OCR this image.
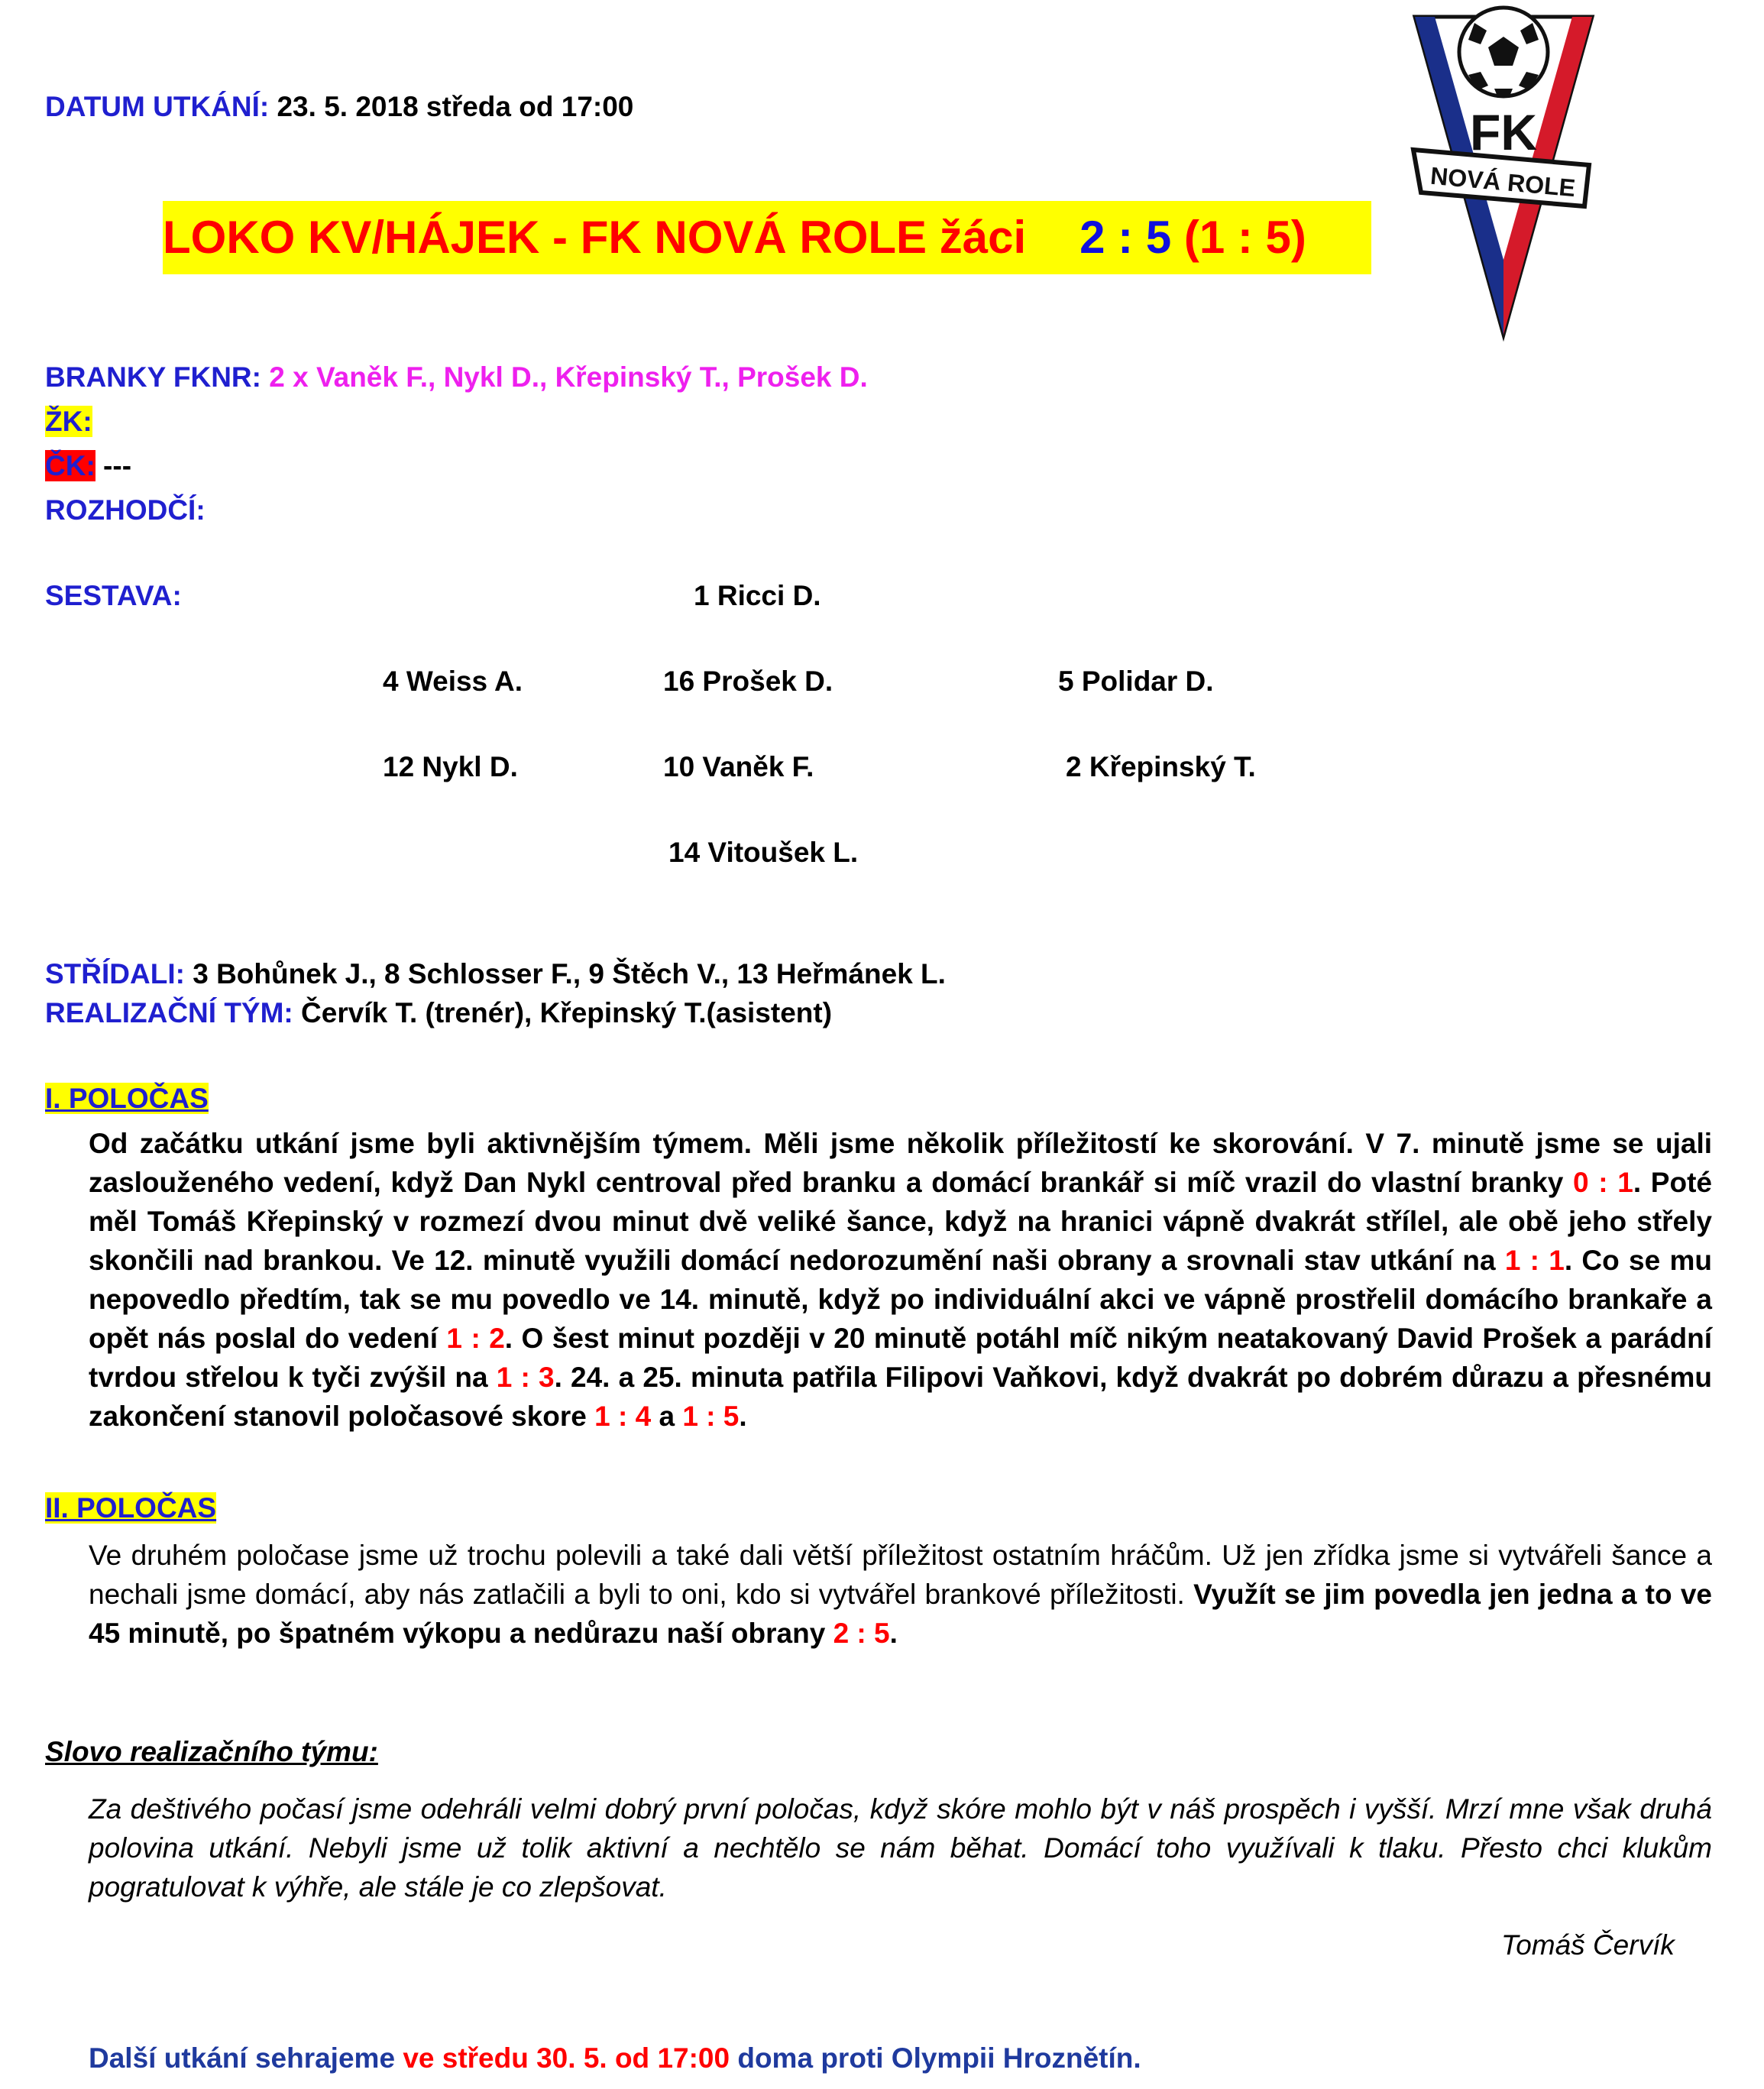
FK
NOVÁ ROLE
DATUM UTKÁNÍ: 23. 5. 2018 středa od 17:00
LOKO KV/HÁJEK - FK NOVÁ ROLE žáci 2 : 5 (1 : 5)
BRANKY FKNR: 2 x Vaněk F., Nykl D., Křepinský T., Prošek D.
ŽK:
ČK: ---
ROZHODČÍ:
SESTAVA:	1 Ricci D.
4 Weiss A.	16 Prošek D.	5 Polidar D.
12 Nykl D.	10 Vaněk F.	2 Křepinský T.
14 Vitoušek L.
STŘÍDALI: 3 Bohůnek J., 8 Schlosser F., 9 Štěch V., 13 Heřmánek L.
REALIZAČNÍ TÝM: Červík T. (trenér), Křepinský T.(asistent)
I. POLOČAS
Od začátku utkání jsme byli aktivnějším týmem. Měli jsme několik příležitostí ke skorování. V 7. minutě jsme se ujali zaslouženého vedení, když Dan Nykl centroval před branku a domácí brankář si míč vrazil do vlastní branky 0 : 1. Poté měl Tomáš Křepinský v rozmezí dvou minut dvě veliké šance, když na hranici vápně dvakrát střílel, ale obě jeho střely skončili nad brankou. Ve 12. minutě využili domácí nedorozumění naši obrany a srovnali stav utkání na 1 : 1. Co se mu nepovedlo předtím, tak se mu povedlo ve 14. minutě, když po individuální akci ve vápně prostřelil domácího brankaře a opět nás poslal do vedení 1 : 2. O šest minut později v 20 minutě potáhl míč nikým neatakovaný David Prošek a parádní tvrdou střelou k tyči zvýšil na 1 : 3. 24. a 25. minuta patřila Filipovi Vaňkovi, když dvakrát po dobrém důrazu a přesnému zakončení stanovil poločasové skore 1 : 4 a 1 : 5.
II. POLOČAS
Ve druhém poločase jsme už trochu polevili a také dali větší příležitost ostatním hráčům. Už jen zřídka jsme si vytvářeli šance a nechali jsme domácí, aby nás zatlačili a byli to oni, kdo si vytvářel brankové příležitosti. Využít se jim povedla jen jedna a to ve 45 minutě, po špatném výkopu a nedůrazu naší obrany 2 : 5.
Slovo realizačního týmu:
Za deštivého počasí jsme odehráli velmi dobrý první poločas, když skóre mohlo být v náš prospěch i vyšší. Mrzí mne však druhá polovina utkání. Nebyli jsme už tolik aktivní a nechtělo se nám běhat. Domácí toho využívali k tlaku. Přesto chci klukům pogratulovat k výhře, ale stále je co zlepšovat.
Tomáš Červík
Další utkání sehrajeme ve středu 30. 5. od 17:00 doma proti Olympii Hroznětín.
